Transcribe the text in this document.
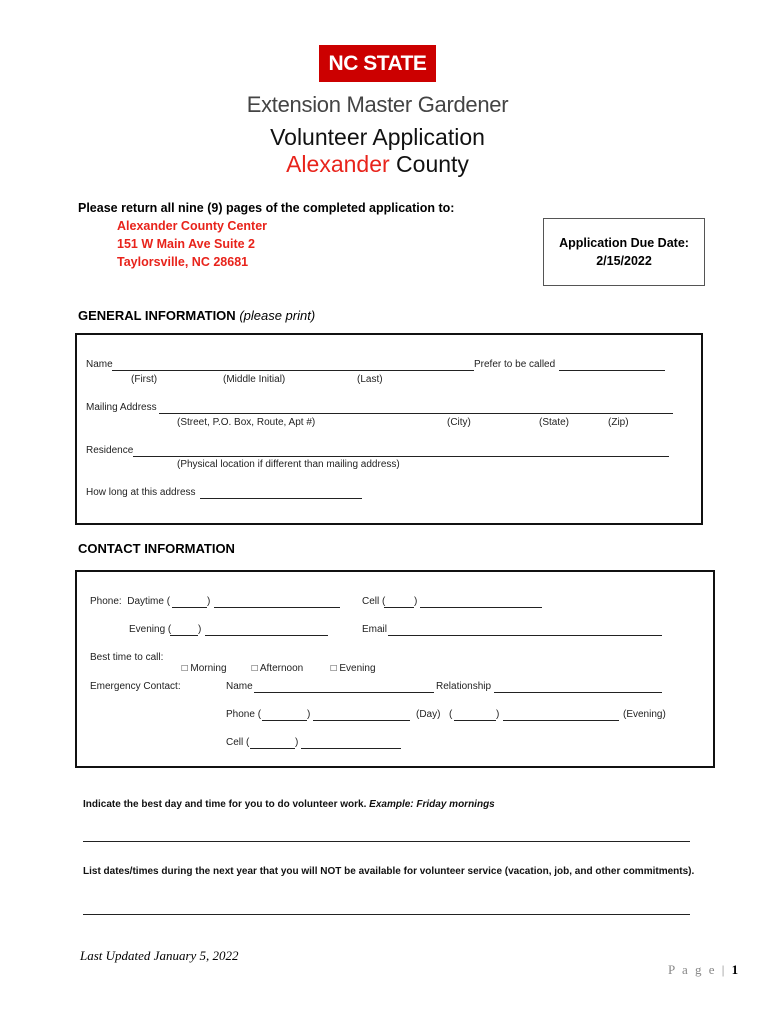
NC STATE
Extension Master Gardener
Volunteer Application
Alexander County
Please return all nine (9) pages of the completed application to:
Alexander County Center
151 W Main Ave Suite 2
Taylorsville, NC 28681
Application Due Date:
2/15/2022
GENERAL INFORMATION (please print)
Name	Prefer to be called
(First)	(Middle Initial)	(Last)
Mailing Address
(Street, P.O. Box, Route, Apt #)	(City)	(State)	(Zip)
Residence
(Physical location if different than mailing address)
How long at this address
CONTACT INFORMATION
Phone:  Daytime (	)	Cell (	)
Evening (	)	Email
Best time to call:

□ Morning	□ Afternoon	□ Evening

Emergency Contact:	Name	Relationship
Phone (	)	(Day) (	)	(Evening)
Cell (	)
Indicate the best day and time for you to do volunteer work. Example: Friday mornings
List dates/times during the next year that you will NOT be available for volunteer service (vacation, job, and other commitments).
Last Updated January 5, 2022
P a g e | 1
